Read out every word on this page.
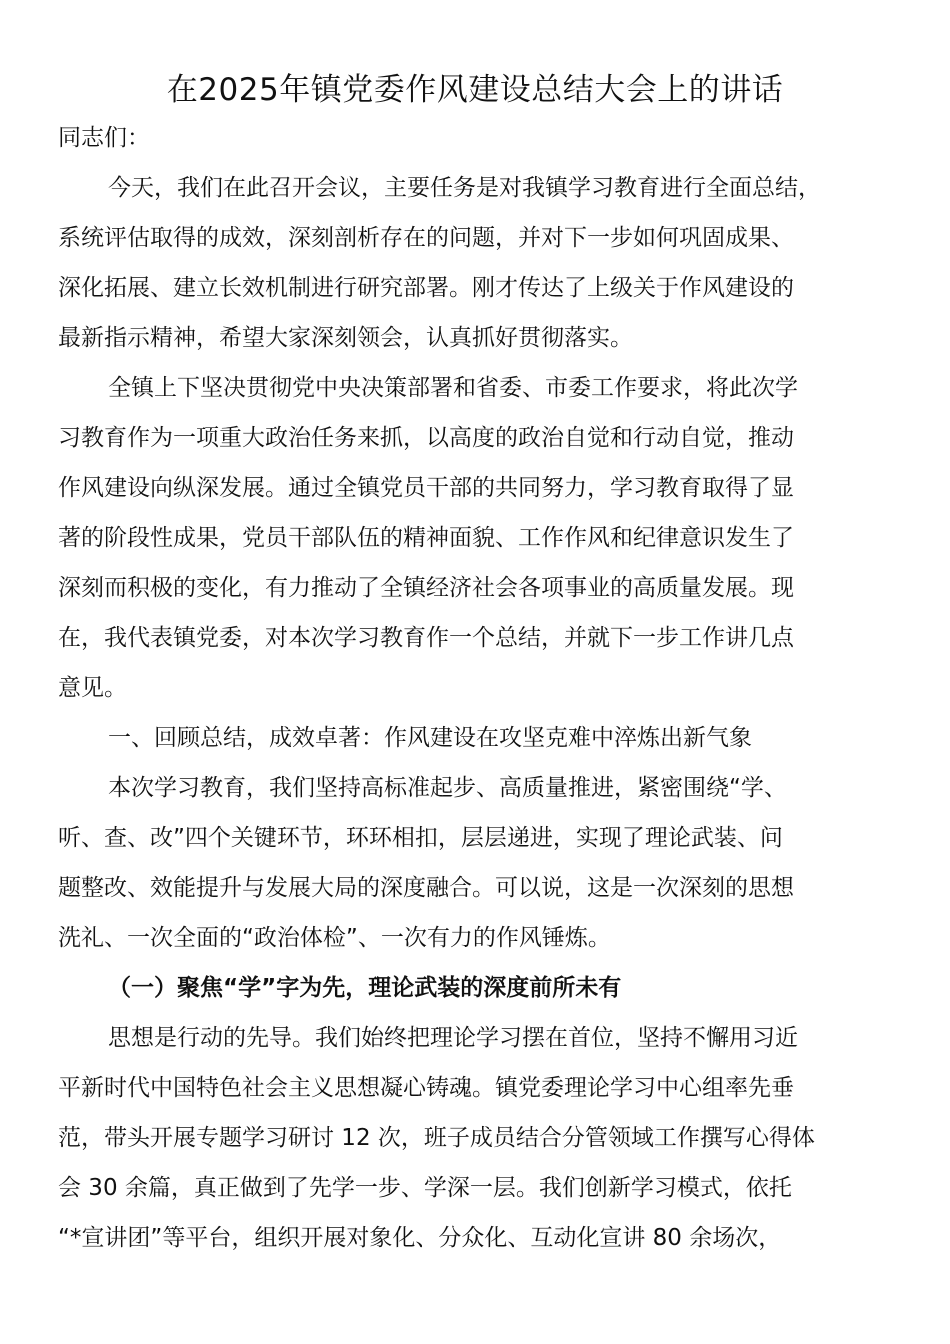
在2025年镇党委作风建设总结大会上的讲话
同志们：
今天，我们在此召开会议，主要任务是对我镇学习教育进行全面总结，
系统评估取得的成效，深刻剖析存在的问题，并对下一步如何巩固成果、
深化拓展、建立长效机制进行研究部署。刚才传达了上级关于作风建设的
最新指示精神，希望大家深刻领会，认真抓好贯彻落实。
全镇上下坚决贯彻党中央决策部署和省委、市委工作要求，将此次学
习教育作为一项重大政治任务来抓，以高度的政治自觉和行动自觉，推动
作风建设向纵深发展。通过全镇党员干部的共同努力，学习教育取得了显
著的阶段性成果，党员干部队伍的精神面貌、工作作风和纪律意识发生了
深刻而积极的变化，有力推动了全镇经济社会各项事业的高质量发展。现
在，我代表镇党委，对本次学习教育作一个总结，并就下一步工作讲几点
意见。
一、回顾总结，成效卓著：作风建设在攻坚克难中淬炼出新气象
本次学习教育，我们坚持高标准起步、高质量推进，紧密围绕“学、
听、查、改”四个关键环节，环环相扣，层层递进，实现了理论武装、问
题整改、效能提升与发展大局的深度融合。可以说，这是一次深刻的思想
洗礼、一次全面的“政治体检”、一次有力的作风锤炼。
（一）聚焦“学”字为先，理论武装的深度前所未有
思想是行动的先导。我们始终把理论学习摆在首位，坚持不懈用习近
平新时代中国特色社会主义思想凝心铸魂。镇党委理论学习中心组率先垂
范，带头开展专题学习研讨 12 次，班子成员结合分管领域工作撰写心得体
会 30 余篇，真正做到了先学一步、学深一层。我们创新学习模式，依托
“*宣讲团”等平台，组织开展对象化、分众化、互动化宣讲 80 余场次，
